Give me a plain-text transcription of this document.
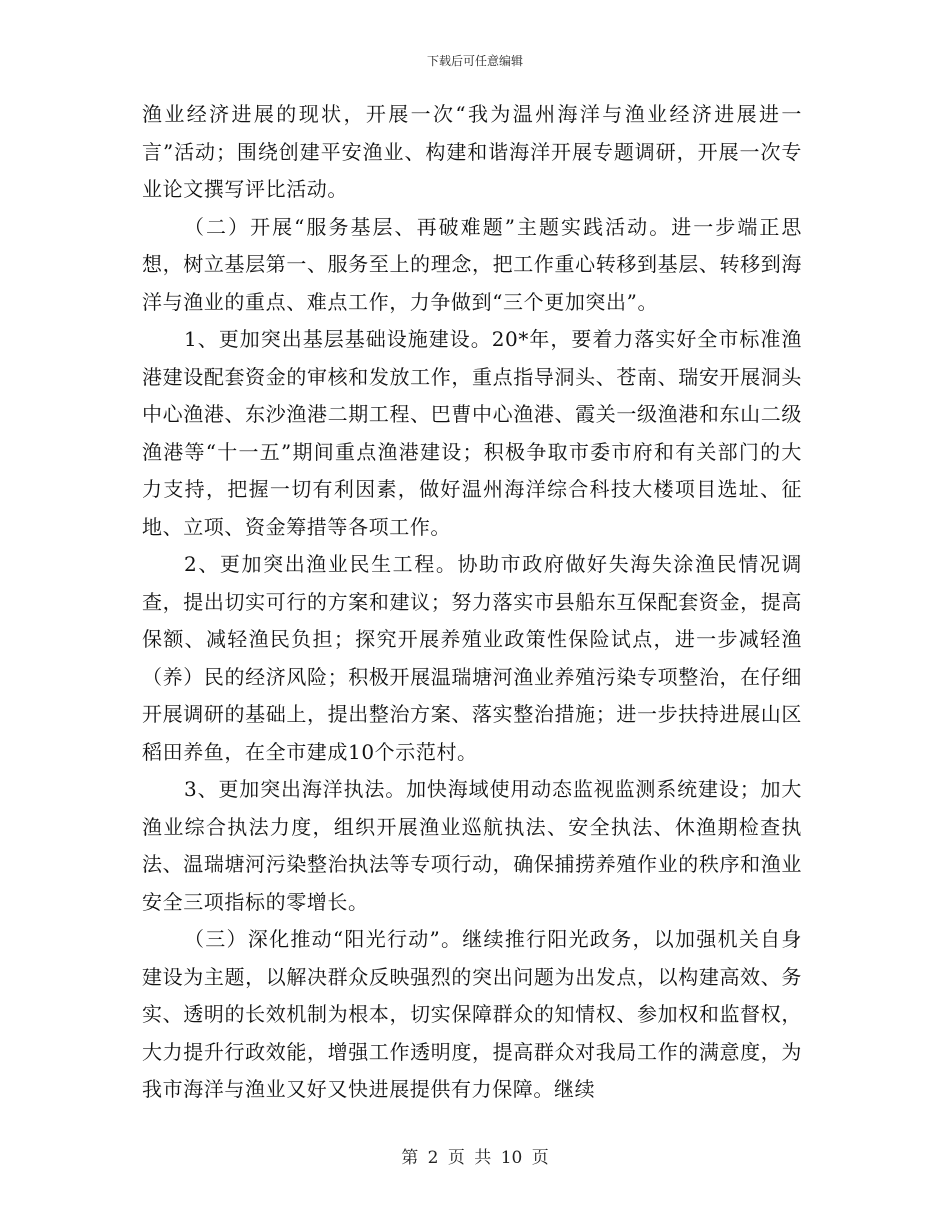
下载后可任意编辑

渔业经济进展的现状，开展一次“我为温州海洋与渔业经济进展进一言”活动；围绕创建平安渔业、构建和谐海洋开展专题调研，开展一次专业论文撰写评比活动。

（二）开展“服务基层、再破难题”主题实践活动。进一步端正思想，树立基层第一、服务至上的理念，把工作重心转移到基层、转移到海洋与渔业的重点、难点工作，力争做到“三个更加突出”。

1、更加突出基层基础设施建设。20*年，要着力落实好全市标准渔港建设配套资金的审核和发放工作，重点指导洞头、苍南、瑞安开展洞头中心渔港、东沙渔港二期工程、巴曹中心渔港、霞关一级渔港和东山二级渔港等“十一五”期间重点渔港建设；积极争取市委市府和有关部门的大力支持，把握一切有利因素，做好温州海洋综合科技大楼项目选址、征地、立项、资金筹措等各项工作。

2、更加突出渔业民生工程。协助市政府做好失海失涂渔民情况调查，提出切实可行的方案和建议；努力落实市县船东互保配套资金，提高保额、减轻渔民负担；探究开展养殖业政策性保险试点，进一步减轻渔（养）民的经济风险；积极开展温瑞塘河渔业养殖污染专项整治，在仔细开展调研的基础上，提出整治方案、落实整治措施；进一步扶持进展山区稻田养鱼，在全市建成10个示范村。

3、更加突出海洋执法。加快海域使用动态监视监测系统建设；加大渔业综合执法力度，组织开展渔业巡航执法、安全执法、休渔期检查执法、温瑞塘河污染整治执法等专项行动，确保捕捞养殖作业的秩序和渔业安全三项指标的零增长。

（三）深化推动“阳光行动”。继续推行阳光政务，以加强机关自身建设为主题，以解决群众反映强烈的突出问题为出发点，以构建高效、务实、透明的长效机制为根本，切实保障群众的知情权、参加权和监督权，大力提升行政效能，增强工作透明度，提高群众对我局工作的满意度，为我市海洋与渔业又好又快进展提供有力保障。继续

第 2 页 共 10 页
